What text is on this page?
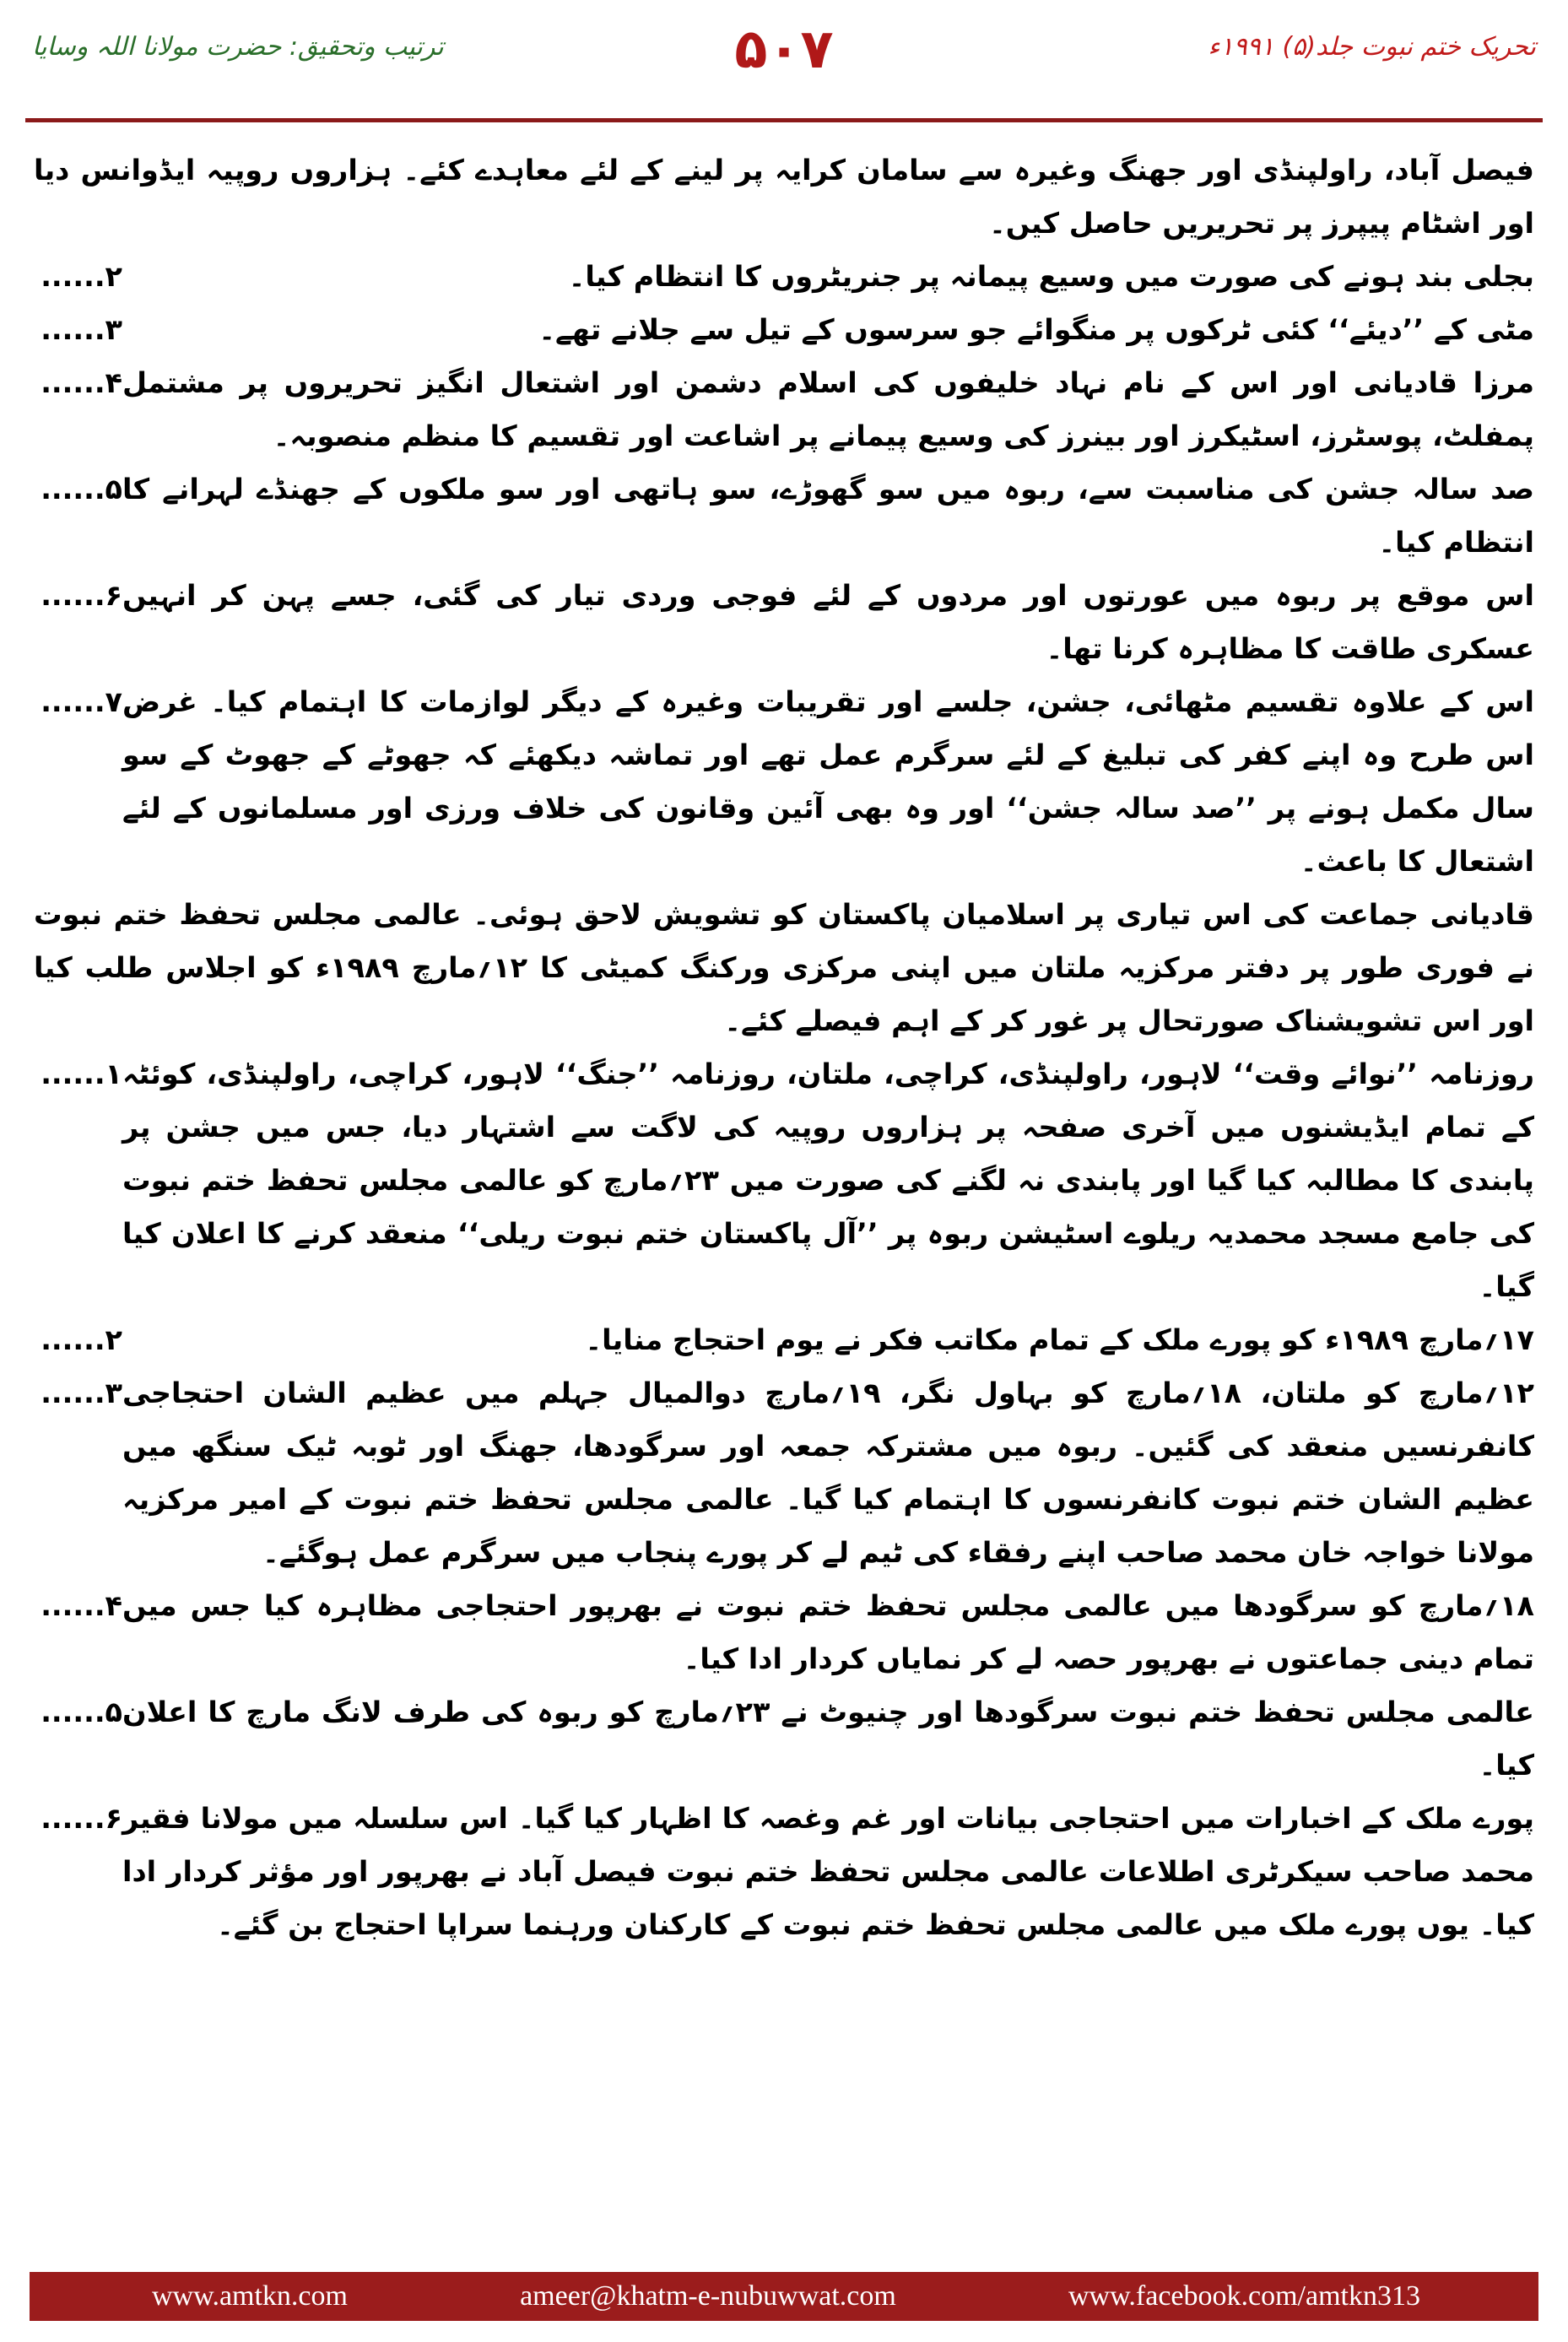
ترتیب وتحقیق: حضرت مولانا اللہ وسایا	۵۰۷	تحریک ختم نبوت جلد(۵) ۱۹۹۱ء

فیصل آباد، راولپنڈی اور جھنگ وغیرہ سے سامان کرایہ پر لینے کے لئے معاہدے کئے۔ ہزاروں روپیہ ایڈوانس دیا اور اشٹام پیپرز پر تحریریں حاصل کیں۔

بجلی بند ہونے کی صورت میں وسیع پیمانہ پر جنریٹروں کا انتظام کیا۔
۲......
مٹی کے ’’دیئے‘‘ کئی ٹرکوں پر منگوائے جو سرسوں کے تیل سے جلانے تھے۔
۳......
مرزا قادیانی اور اس کے نام نہاد خلیفوں کی اسلام دشمن اور اشتعال انگیز تحریروں پر مشتمل پمفلٹ، پوسٹرز، اسٹیکرز اور بینرز کی وسیع پیمانے پر اشاعت اور تقسیم کا منظم منصوبہ۔
۴......
صد سالہ جشن کی مناسبت سے، ربوہ میں سو گھوڑے، سو ہاتھی اور سو ملکوں کے جھنڈے لہرانے کا انتظام کیا۔
۵......
اس موقع پر ربوہ میں عورتوں اور مردوں کے لئے فوجی وردی تیار کی گئی، جسے پہن کر انہیں عسکری طاقت کا مظاہرہ کرنا تھا۔
۶......
اس کے علاوہ تقسیم مٹھائی، جشن، جلسے اور تقریبات وغیرہ کے دیگر لوازمات کا اہتمام کیا۔ غرض اس طرح وہ اپنے کفر کی تبلیغ کے لئے سرگرم عمل تھے اور تماشہ دیکھئے کہ جھوٹے کے جھوٹ کے سو سال مکمل ہونے پر ’’صد سالہ جشن‘‘ اور وہ بھی آئین وقانون کی خلاف ورزی اور مسلمانوں کے لئے اشتعال کا باعث۔
۷......

قادیانی جماعت کی اس تیاری پر اسلامیان پاکستان کو تشویش لاحق ہوئی۔ عالمی مجلس تحفظ ختم نبوت نے فوری طور پر دفتر مرکزیہ ملتان میں اپنی مرکزی ورکنگ کمیٹی کا ۱۲؍مارچ ۱۹۸۹ء کو اجلاس طلب کیا اور اس تشویشناک صورتحال پر غور کر کے اہم فیصلے کئے۔

روزنامہ ’’نوائے وقت‘‘ لاہور، راولپنڈی، کراچی، ملتان، روزنامہ ’’جنگ‘‘ لاہور، کراچی، راولپنڈی، کوئٹہ کے تمام ایڈیشنوں میں آخری صفحہ پر ہزاروں روپیہ کی لاگت سے اشتہار دیا، جس میں جشن پر پابندی کا مطالبہ کیا گیا اور پابندی نہ لگنے کی صورت میں ۲۳؍مارچ کو عالمی مجلس تحفظ ختم نبوت کی جامع مسجد محمدیہ ریلوے اسٹیشن ربوہ پر ’’آل پاکستان ختم نبوت ریلی‘‘ منعقد کرنے کا اعلان کیا گیا۔
۱......
۱۷؍مارچ ۱۹۸۹ء کو پورے ملک کے تمام مکاتب فکر نے یوم احتجاج منایا۔
۲......
۱۲؍مارچ کو ملتان، ۱۸؍مارچ کو بہاول نگر، ۱۹؍مارچ دوالمیال جہلم میں عظیم الشان احتجاجی کانفرنسیں منعقد کی گئیں۔ ربوہ میں مشترکہ جمعہ اور سرگودھا، جھنگ اور ٹوبہ ٹیک سنگھ میں عظیم الشان ختم نبوت کانفرنسوں کا اہتمام کیا گیا۔ عالمی مجلس تحفظ ختم نبوت کے امیر مرکزیہ مولانا خواجہ خان محمد صاحب اپنے رفقاء کی ٹیم لے کر پورے پنجاب میں سرگرم عمل ہوگئے۔
۳......
۱۸؍مارچ کو سرگودھا میں عالمی مجلس تحفظ ختم نبوت نے بھرپور احتجاجی مظاہرہ کیا جس میں تمام دینی جماعتوں نے بھرپور حصہ لے کر نمایاں کردار ادا کیا۔
۴......
عالمی مجلس تحفظ ختم نبوت سرگودھا اور چنیوٹ نے ۲۳؍مارچ کو ربوہ کی طرف لانگ مارچ کا اعلان کیا۔
۵......
پورے ملک کے اخبارات میں احتجاجی بیانات اور غم وغصہ کا اظہار کیا گیا۔ اس سلسلہ میں مولانا فقیر محمد صاحب سیکرٹری اطلاعات عالمی مجلس تحفظ ختم نبوت فیصل آباد نے بھرپور اور مؤثر کردار ادا کیا۔ یوں پورے ملک میں عالمی مجلس تحفظ ختم نبوت کے کارکنان ورہنما سراپا احتجاج بن گئے۔
۶......
www.amtkn.com	ameer@khatm-e-nubuwwat.com	www.facebook.com/amtkn313
